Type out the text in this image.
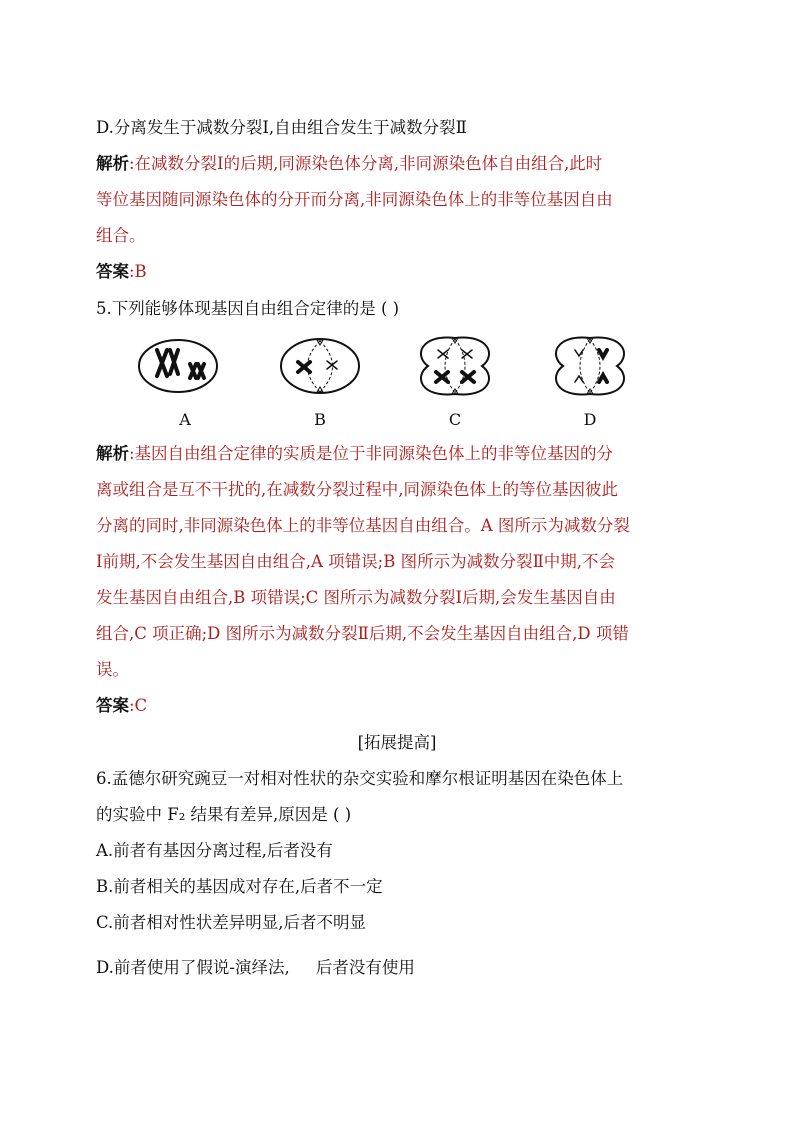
D.分离发生于减数分裂Ⅰ,自由组合发生于减数分裂Ⅱ
解析:在减数分裂Ⅰ的后期,同源染色体分离,非同源染色体自由组合,此时
等位基因随同源染色体的分开而分离,非同源染色体上的非等位基因自由
组合。
答案:B
5.下列能够体现基因自由组合定律的是 ( )
A	B	C	D
解析:基因自由组合定律的实质是位于非同源染色体上的非等位基因的分
离或组合是互不干扰的,在减数分裂过程中,同源染色体上的等位基因彼此
分离的同时,非同源染色体上的非等位基因自由组合。A 图所示为减数分裂
Ⅰ前期,不会发生基因自由组合,A 项错误;B 图所示为减数分裂Ⅱ中期,不会
发生基因自由组合,B 项错误;C 图所示为减数分裂Ⅰ后期,会发生基因自由
组合,C 项正确;D 图所示为减数分裂Ⅱ后期,不会发生基因自由组合,D 项错
误。
答案:C
[拓展提高]
6.孟德尔研究豌豆一对相对性状的杂交实验和摩尔根证明基因在染色体上
的实验中 F₂ 结果有差异,原因是 ( )
A.前者有基因分离过程,后者没有
B.前者相关的基因成对存在,后者不一定
C.前者相对性状差异明显,后者不明显
D.前者使用了假说-演绎法,     后者没有使用
